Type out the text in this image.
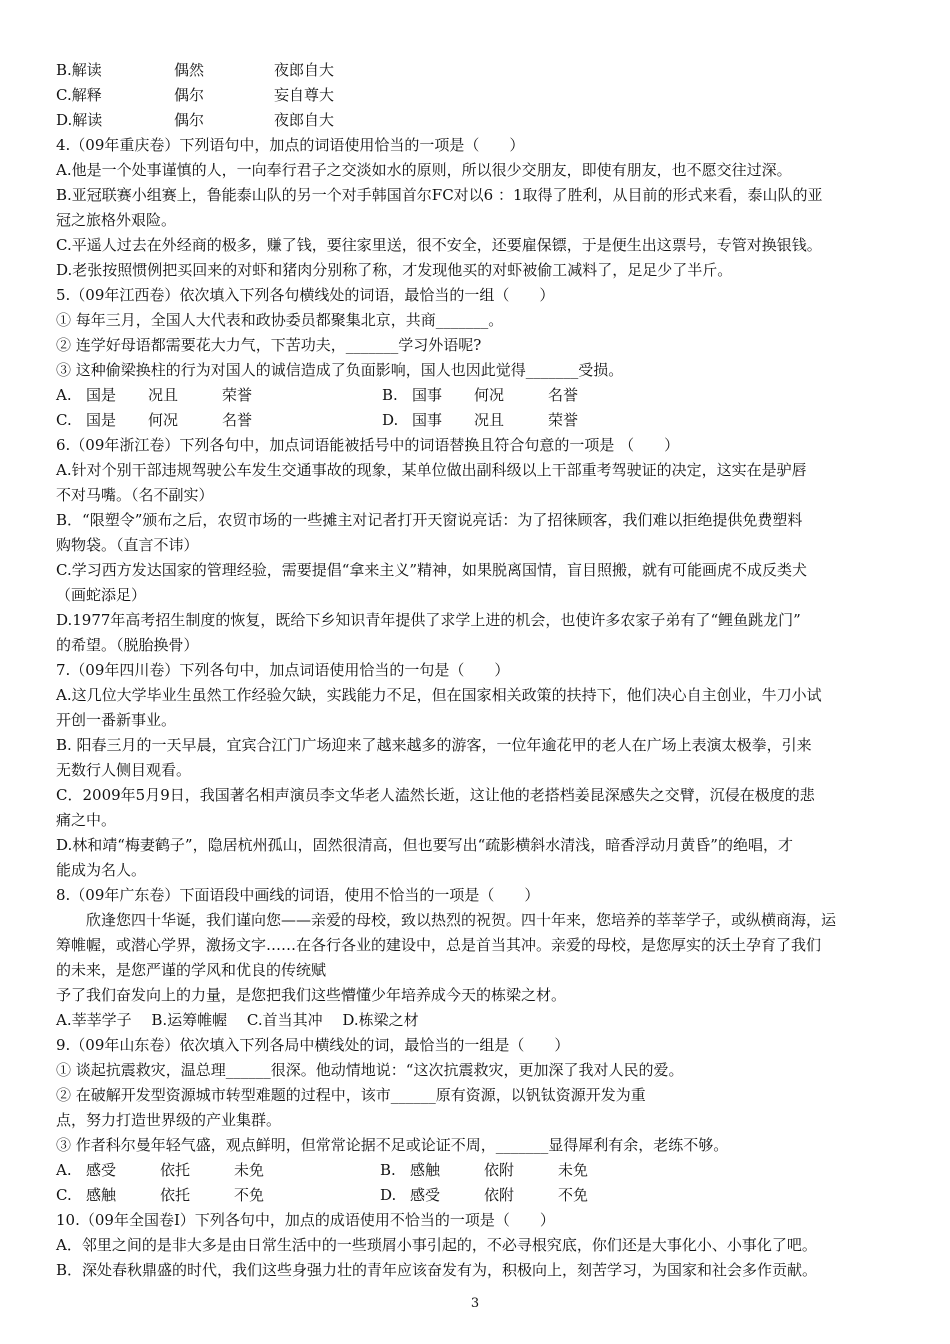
B.解读	偶然	夜郎自大
C.解释	偶尔	妄自尊大
D.解读	偶尔	夜郎自大
4.（09年重庆卷）下列语句中，加点的词语使用恰当的一项是（　　）
A.他是一个处事谨慎的人，一向奉行君子之交淡如水的原则，所以很少交朋友，即使有朋友，也不愿交往过深。
B.亚冠联赛小组赛上，鲁能泰山队的另一个对手韩国首尔FC对以6 ：1取得了胜利，从目前的形式来看，泰山队的亚
冠之旅格外艰险。
C.平遥人过去在外经商的极多，赚了钱，要往家里送，很不安全，还要雇保镖，于是便生出这票号，专管对换银钱。
D.老张按照惯例把买回来的对虾和猪肉分别称了称，才发现他买的对虾被偷工减料了，足足少了半斤。
5.（09年江西卷）依次填入下列各句横线处的词语，最恰当的一组（　　）
① 每年三月，全国人大代表和政协委员都聚集北京，共商_______。
② 连学好母语都需要花大力气，下苦功夫，_______学习外语呢?
③ 这种偷梁换柱的行为对国人的诚信造成了负面影响，国人也因此觉得_______受损。
A. 国是 况且	荣誉	B. 国事 何况	名誉
C. 国是 何况	名誉	D. 国事 况且	荣誉
6.（09年浙江卷）下列各句中，加点词语能被括号中的词语替换且符合句意的一项是 （　　）
A.针对个别干部违规驾驶公车发生交通事故的现象，某单位做出副科级以上干部重考驾驶证的决定，这实在是驴唇
不对马嘴。（名不副实）
B．“限塑令”颁布之后，农贸市场的一些摊主对记者打开天窗说亮话：为了招徕顾客，我们难以拒绝提供免费塑料
购物袋。（直言不讳）
C.学习西方发达国家的管理经验，需要提倡“拿来主义”精神，如果脱离国情，盲目照搬，就有可能画虎不成反类犬
（画蛇添足）
D.1977年高考招生制度的恢复，既给下乡知识青年提供了求学上进的机会，也使许多农家子弟有了“鲤鱼跳龙门”
的希望。（脱胎换骨）
7.（09年四川卷）下列各句中，加点词语使用恰当的一句是（　　）
A.这几位大学毕业生虽然工作经验欠缺，实践能力不足，但在国家相关政策的扶持下，他们决心自主创业，牛刀小试
开创一番新事业。
B. 阳春三月的一天早晨，宜宾合江门广场迎来了越来越多的游客，一位年逾花甲的老人在广场上表演太极拳，引来
无数行人侧目观看。
C．2009年5月9日，我国著名相声演员李文华老人溘然长逝，这让他的老搭档姜昆深感失之交臂，沉侵在极度的悲
痛之中。
D.林和靖“梅妻鹤子”，隐居杭州孤山，固然很清高，但也要写出“疏影横斜水清浅，暗香浮动月黄昏”的绝唱，才
能成为名人。
8.（09年广东卷）下面语段中画线的词语，使用不恰当的一项是（　　）
欣逢您四十华诞，我们谨向您——亲爱的母校，致以热烈的祝贺。四十年来，您培养的莘莘学子，或纵横商海，运
筹帷幄，或潜心学界，激扬文字……在各行各业的建设中，总是首当其冲。亲爱的母校，是您厚实的沃土孕育了我们
的未来，是您严谨的学风和优良的传统赋
予了我们奋发向上的力量，是您把我们这些懵懂少年培养成今天的栋梁之材。
A.莘莘学子　 B.运筹帷幄　 C.首当其冲　 D.栋梁之材
9.（09年山东卷）依次填入下列各局中横线处的词，最恰当的一组是（　　）
① 谈起抗震救灾，温总理______很深。他动情地说：“这次抗震救灾，更加深了我对人民的爱。
② 在破解开发型资源城市转型难题的过程中，该市______原有资源，以钒钛资源开发为重
点，努力打造世界级的产业集群。
③ 作者科尔曼年轻气盛，观点鲜明，但常常论据不足或论证不周，_______显得犀利有余，老练不够。
A. 感受	依托	未免	B. 感触	依附	未免
C. 感触	依托	不免	D. 感受	依附	不免
10.（09年全国卷Ⅰ）下列各句中，加点的成语使用不恰当的一项是（　　）
A．邻里之间的是非大多是由日常生活中的一些琐屑小事引起的，不必寻根究底，你们还是大事化小、小事化了吧。
B．深处春秋鼎盛的时代，我们这些身强力壮的青年应该奋发有为，积极向上，刻苦学习，为国家和社会多作贡献。
3
